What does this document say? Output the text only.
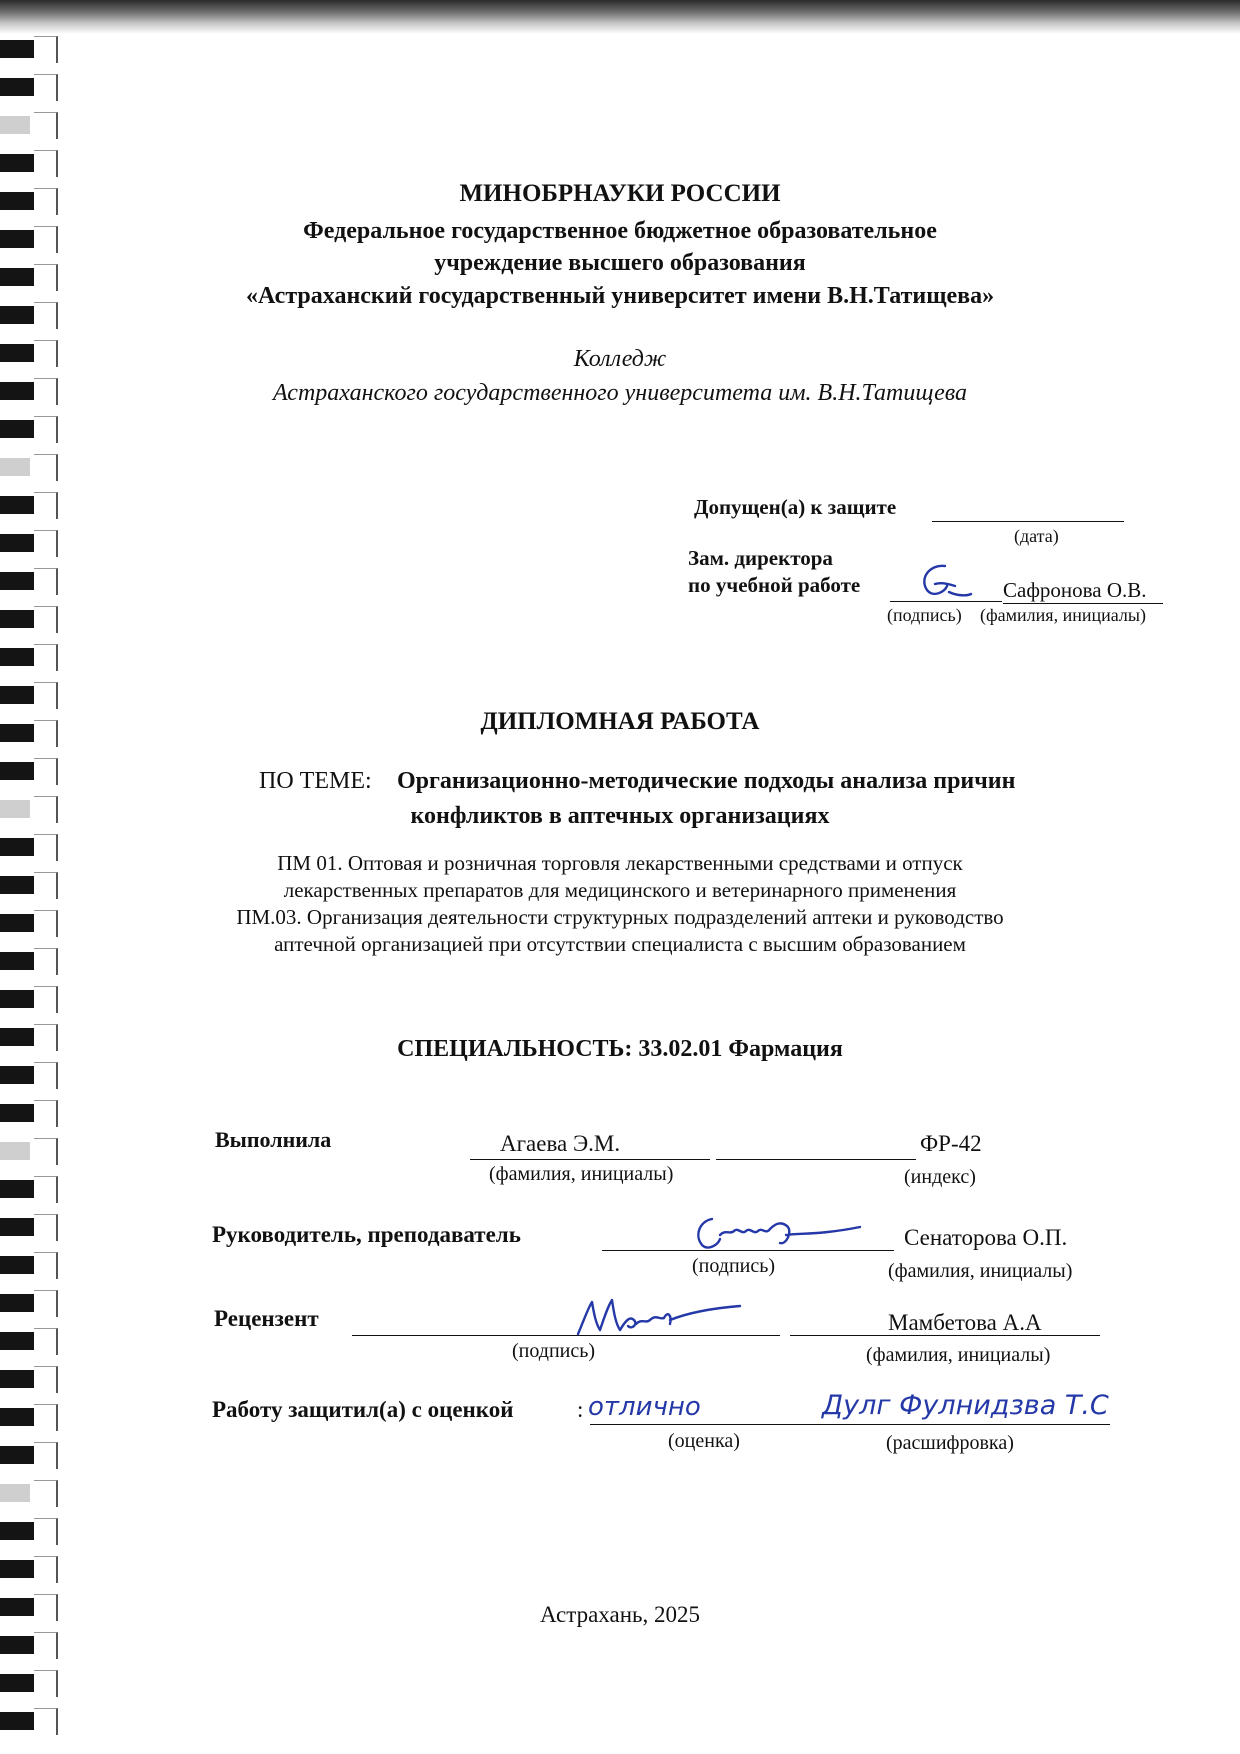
МИНОБРНАУКИ РОССИИ
Федеральное государственное бюджетное образовательное
учреждение высшего образования
«Астраханский государственный университет имени В.Н.Татищева»
Колледж
Астраханского государственного университета им. В.Н.Татищева
Допущен(а) к защите
(дата)
Зам. директора
по учебной работе	Сафронова О.В.
(подпись) (фамилия, инициалы)
ДИПЛОМНАЯ РАБОТА
ПО ТЕМЕ: Организационно-методические подходы анализа причин
конфликтов в аптечных организациях
ПМ 01. Оптовая и розничная торговля лекарственными средствами и отпуск
лекарственных препаратов для медицинского и ветеринарного применения
ПМ.03. Организация деятельности структурных подразделений аптеки и руководство
аптечной организацией при отсутствии специалиста с высшим образованием
СПЕЦИАЛЬНОСТЬ: 33.02.01 Фармация
Выполнила	Агаева Э.М.	ФР-42
(фамилия, инициалы)	(индекс)
Руководитель, преподаватель	Сенаторова О.П.
(подпись)	(фамилия, инициалы)
Рецензент	Мамбетова А.А
(подпись)	(фамилия, инициалы)
Работу защитил(а) с оценкой	: отлично	Дулг Фулнидзва Т.С
(оценка)	(расшифровка)
Астрахань, 2025
